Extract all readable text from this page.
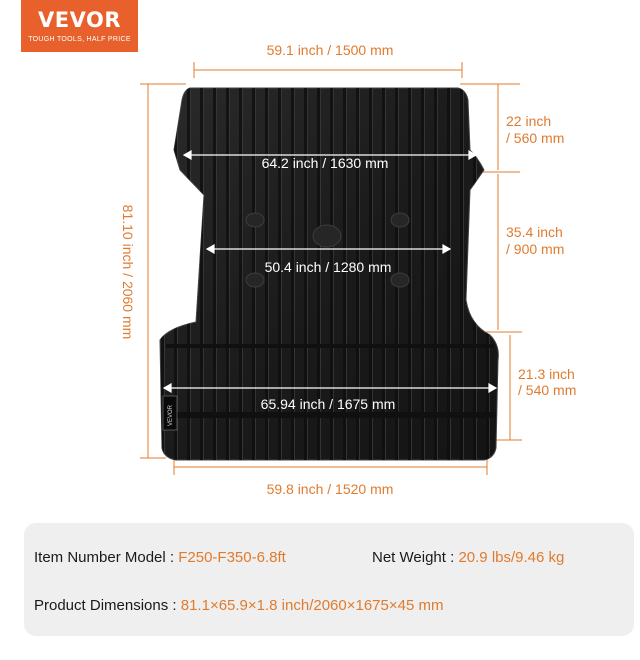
VEVOR
TOUGH TOOLS, HALF PRICE
VEVOR
59.1 inch / 1500 mm
64.2 inch / 1630 mm
50.4 inch / 1280 mm
65.94 inch / 1675 mm
59.8 inch / 1520 mm
81.10 inch / 2060 mm
22 inch
/ 560 mm
35.4 inch
/ 900 mm
21.3 inch
/ 540 mm
Item Number Model : F250-F350-6.8ft	Net Weight : 20.9 lbs/9.46 kg
Product Dimensions : 81.1×65.9×1.8 inch/2060×1675×45 mm
